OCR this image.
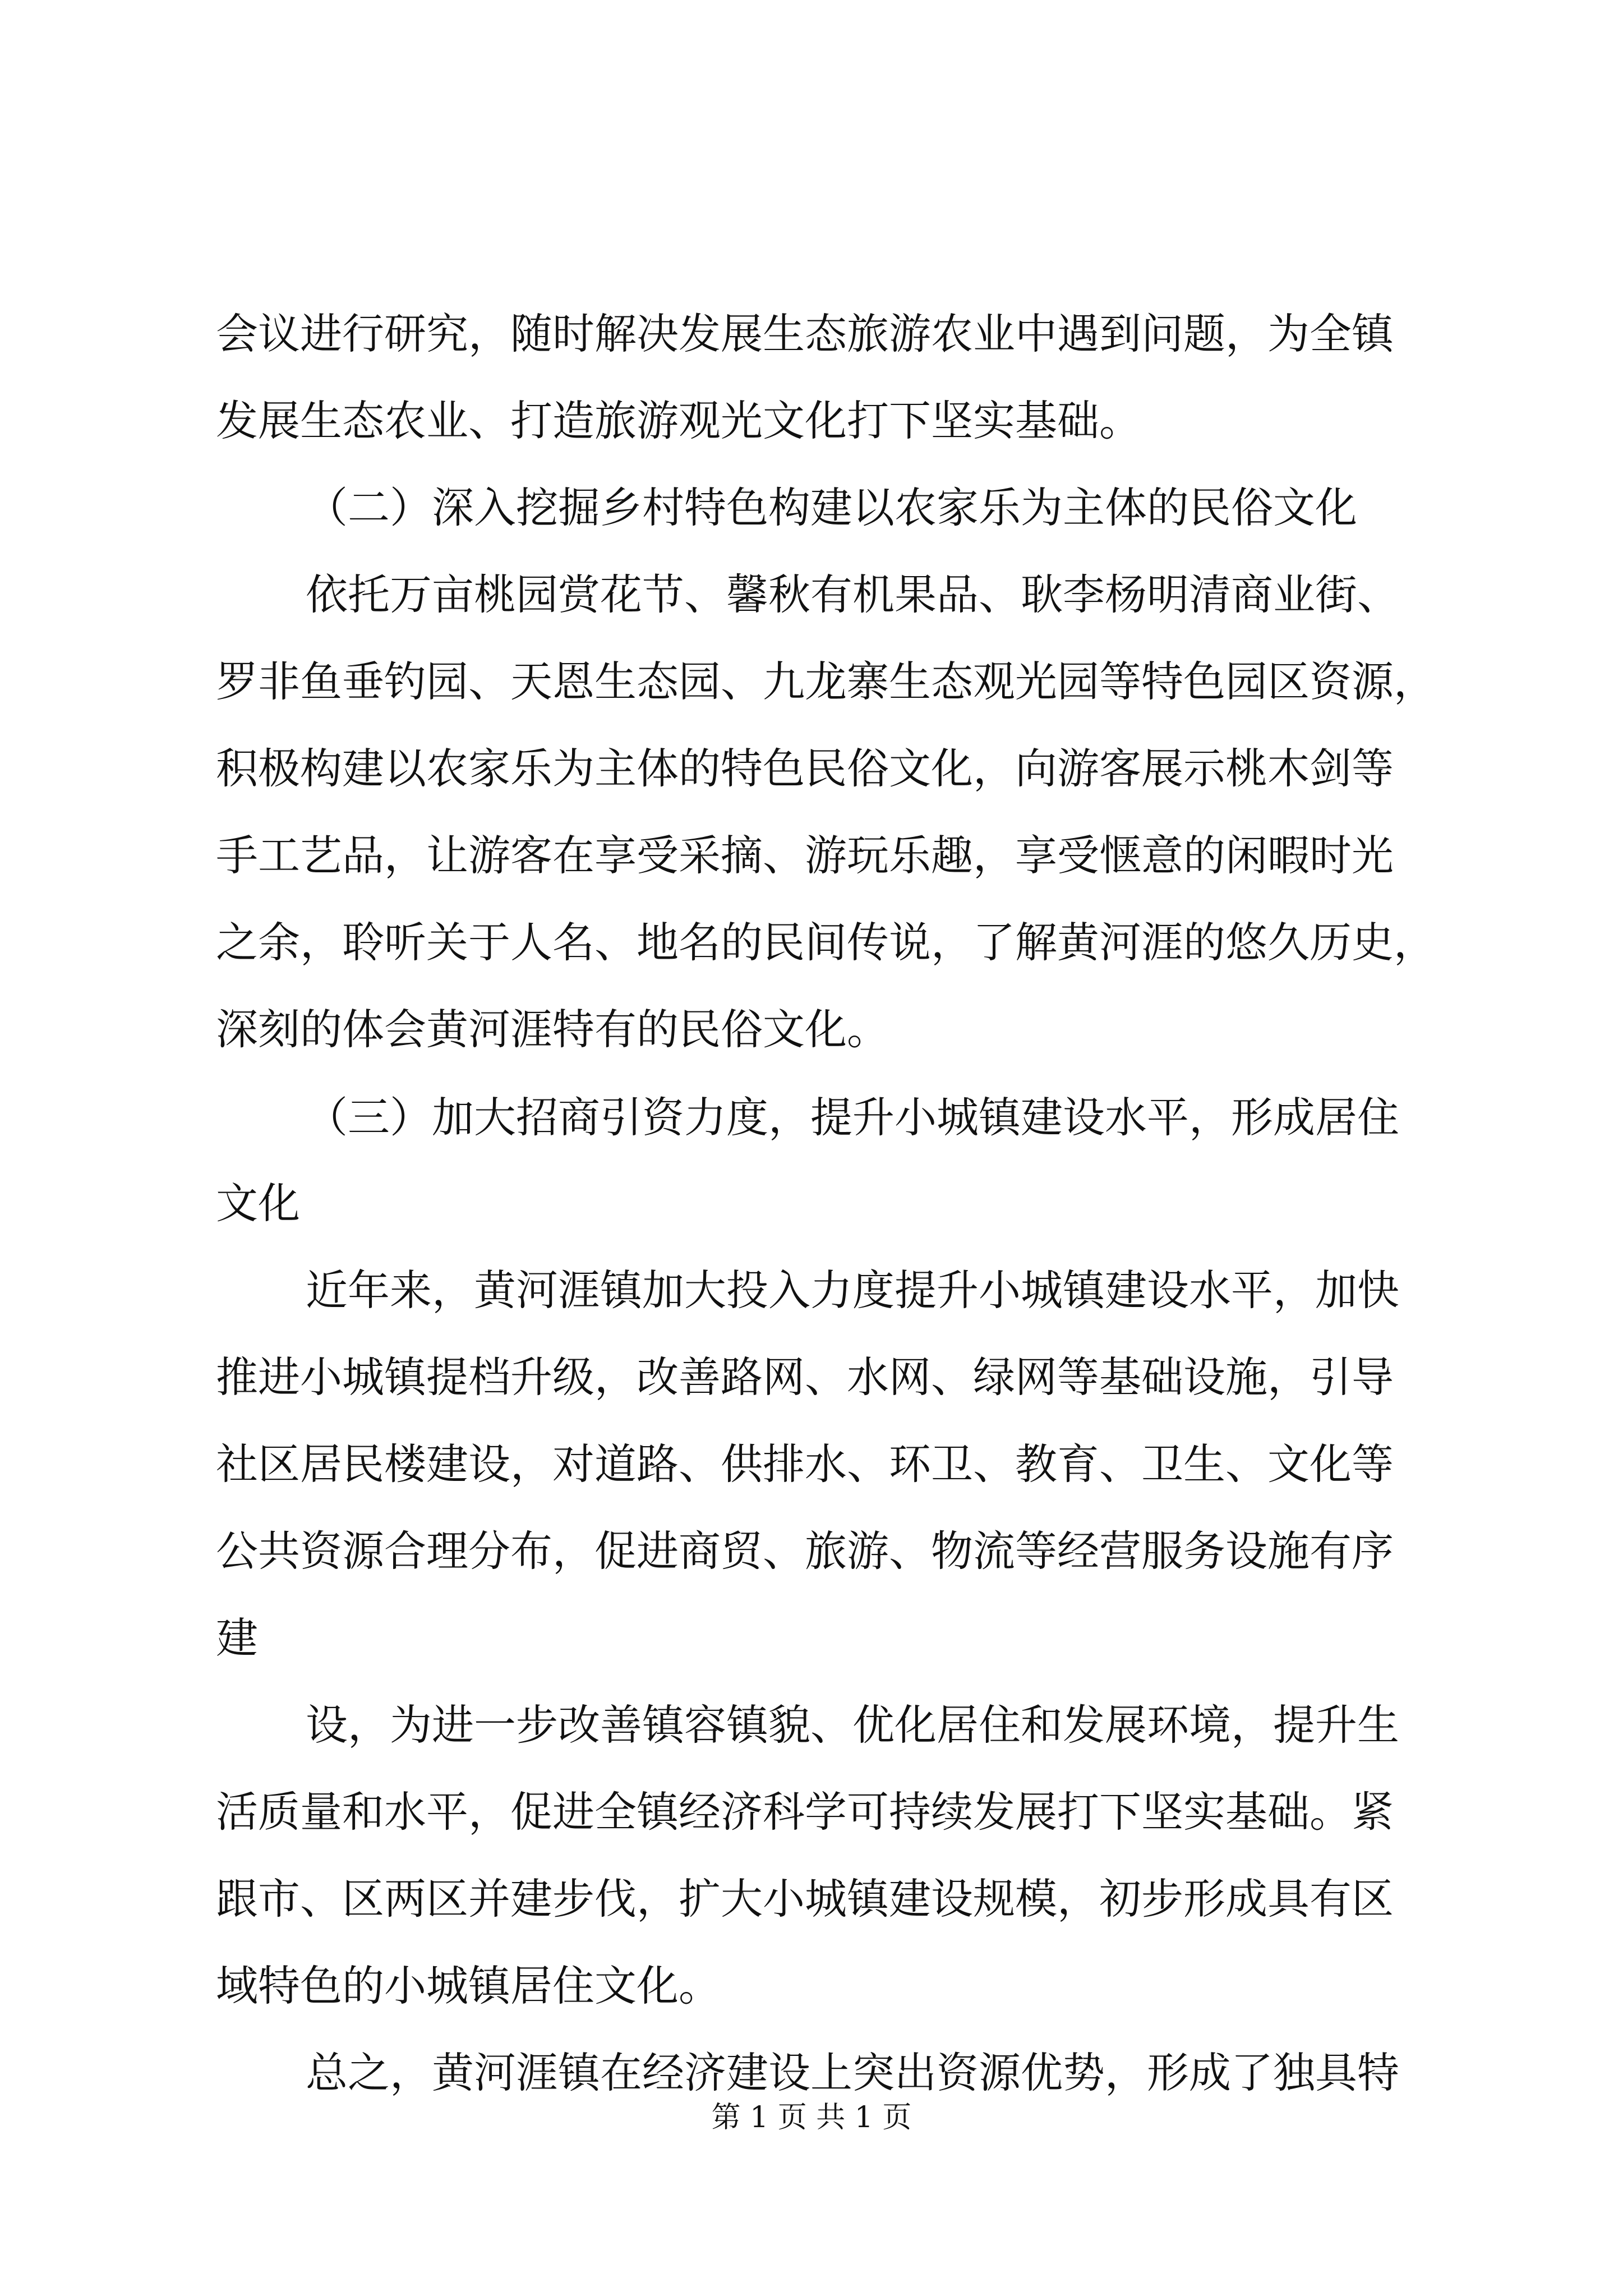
会议进行研究，随时解决发展生态旅游农业中遇到问题，为全镇
发展生态农业、打造旅游观光文化打下坚实基础。
（二）深入挖掘乡村特色构建以农家乐为主体的民俗文化
依托万亩桃园赏花节、馨秋有机果品、耿李杨明清商业街、
罗非鱼垂钓园、天恩生态园、九龙寨生态观光园等特色园区资源，
积极构建以农家乐为主体的特色民俗文化，向游客展示桃木剑等
手工艺品，让游客在享受采摘、游玩乐趣，享受惬意的闲暇时光
之余，聆听关于人名、地名的民间传说，了解黄河涯的悠久历史，
深刻的体会黄河涯特有的民俗文化。
（三）加大招商引资力度，提升小城镇建设水平，形成居住
文化
近年来，黄河涯镇加大投入力度提升小城镇建设水平，加快
推进小城镇提档升级，改善路网、水网、绿网等基础设施，引导
社区居民楼建设，对道路、供排水、环卫、教育、卫生、文化等
公共资源合理分布，促进商贸、旅游、物流等经营服务设施有序
建
设，为进一步改善镇容镇貌、优化居住和发展环境，提升生
活质量和水平，促进全镇经济科学可持续发展打下坚实基础。紧
跟市、区两区并建步伐，扩大小城镇建设规模，初步形成具有区
域特色的小城镇居住文化。
总之，黄河涯镇在经济建设上突出资源优势，形成了独具特
第 1 页 共 1 页
